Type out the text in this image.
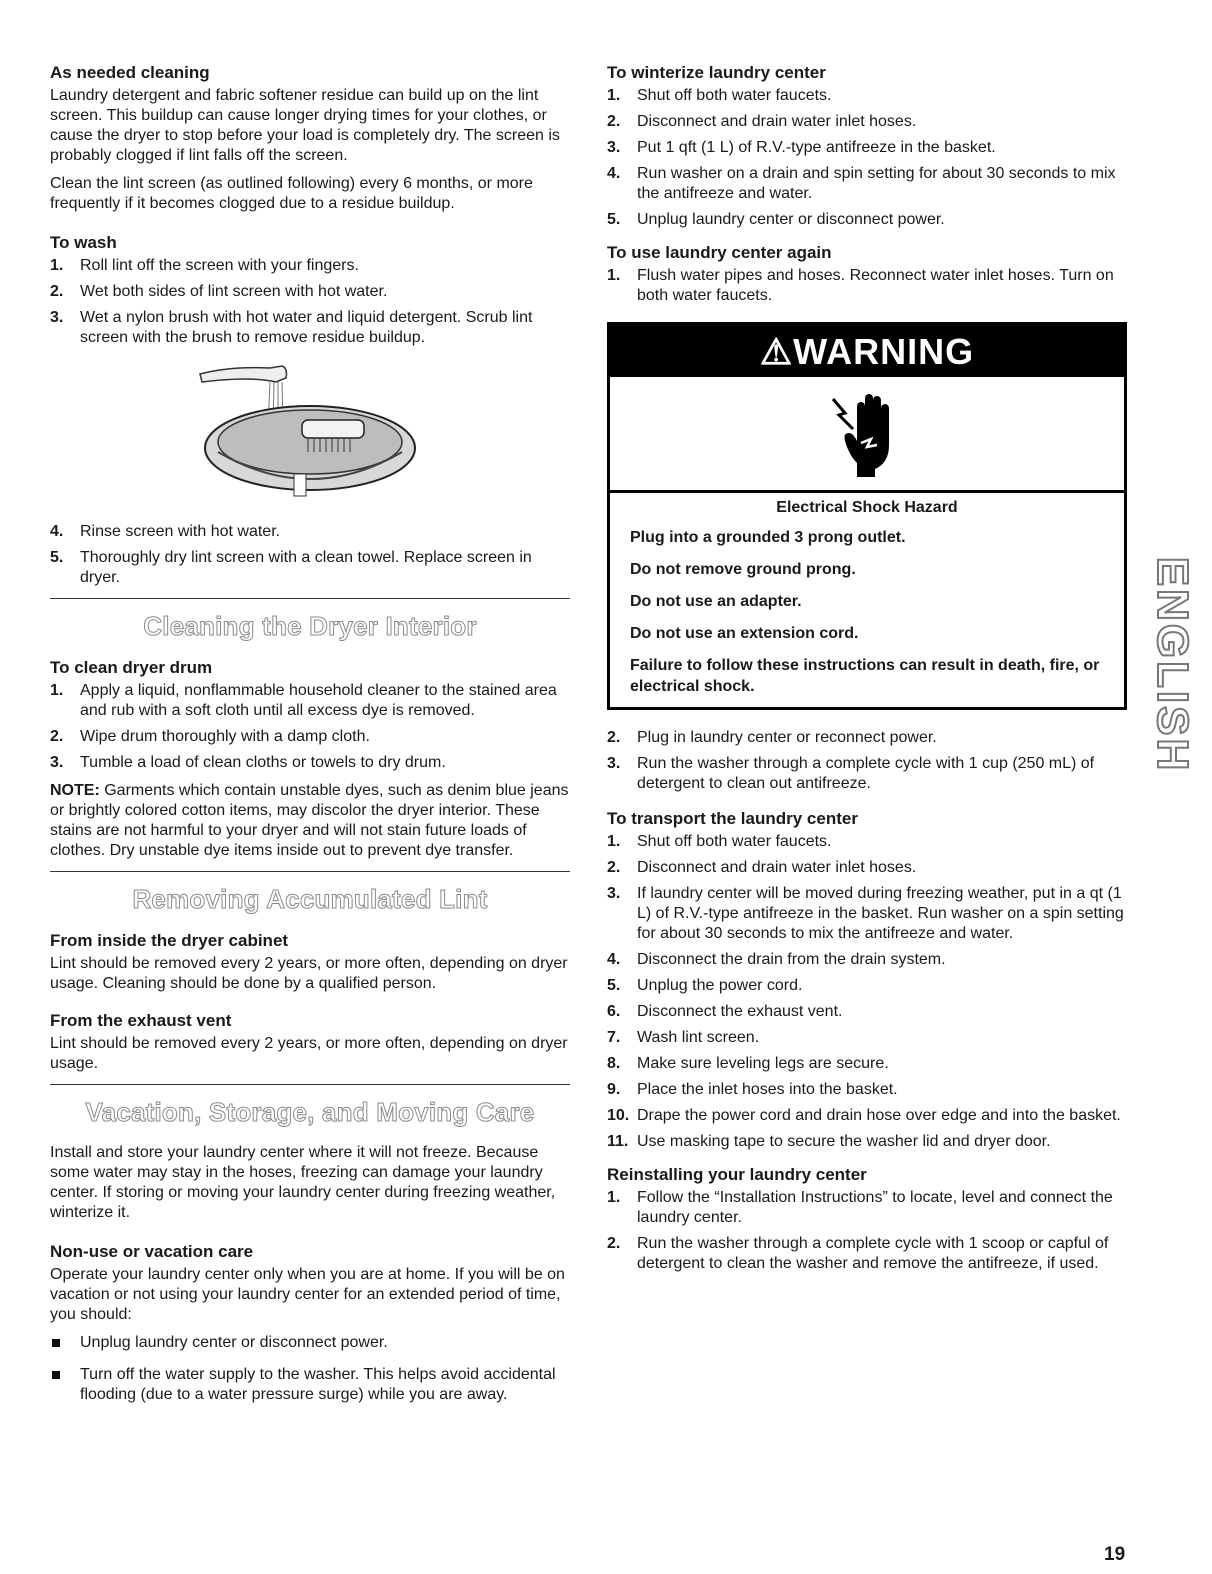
As needed cleaning

Laundry detergent and fabric softener residue can build up on the lint screen. This buildup can cause longer drying times for your clothes, or cause the dryer to stop before your load is completely dry. The screen is probably clogged if lint falls off the screen.

Clean the lint screen (as outlined following) every 6 months, or more frequently if it becomes clogged due to a residue buildup.

To wash
1. Roll lint off the screen with your fingers.
2. Wet both sides of lint screen with hot water.
3. Wet a nylon brush with hot water and liquid detergent. Scrub lint screen with the brush to remove residue buildup.
4. Rinse screen with hot water.
5. Thoroughly dry lint screen with a clean towel. Replace screen in dryer.
Cleaning the Dryer Interior
To clean dryer drum
1. Apply a liquid, nonflammable household cleaner to the stained area and rub with a soft cloth until all excess dye is removed.
2. Wipe drum thoroughly with a damp cloth.
3. Tumble a load of clean cloths or towels to dry drum.

NOTE: Garments which contain unstable dyes, such as denim blue jeans or brightly colored cotton items, may discolor the dryer interior. These stains are not harmful to your dryer and will not stain future loads of clothes. Dry unstable dye items inside out to prevent dye transfer.

Removing Accumulated Lint
From inside the dryer cabinet

Lint should be removed every 2 years, or more often, depending on dryer usage. Cleaning should be done by a qualified person.

From the exhaust vent

Lint should be removed every 2 years, or more often, depending on dryer usage.

Vacation, Storage, and Moving Care

Install and store your laundry center where it will not freeze. Because some water may stay in the hoses, freezing can damage your laundry center. If storing or moving your laundry center during freezing weather, winterize it.

Non-use or vacation care

Operate your laundry center only when you are at home. If you will be on vacation or not using your laundry center for an extended period of time, you should:

Unplug laundry center or disconnect power.
Turn off the water supply to the washer. This helps avoid accidental flooding (due to a water pressure surge) while you are away.
To winterize laundry center
1. Shut off both water faucets.
2. Disconnect and drain water inlet hoses.
3. Put 1 qft (1 L) of R.V.-type antifreeze in the basket.
4. Run washer on a drain and spin setting for about 30 seconds to mix the antifreeze and water.
5. Unplug laundry center or disconnect power.
To use laundry center again
1. Flush water pipes and hoses. Reconnect water inlet hoses. Turn on both water faucets.
⚠WARNING
Electrical Shock Hazard
Plug into a grounded 3 prong outlet.
Do not remove ground prong.
Do not use an adapter.
Do not use an extension cord.
Failure to follow these instructions can result in death, fire, or electrical shock.
2. Plug in laundry center or reconnect power.
3. Run the washer through a complete cycle with 1 cup (250 mL) of detergent to clean out antifreeze.
To transport the laundry center
1. Shut off both water faucets.
2. Disconnect and drain water inlet hoses.
3. If laundry center will be moved during freezing weather, put in a qt (1 L) of R.V.-type antifreeze in the basket. Run washer on a spin setting for about 30 seconds to mix the antifreeze and water.
4. Disconnect the drain from the drain system.
5. Unplug the power cord.
6. Disconnect the exhaust vent.
7. Wash lint screen.
8. Make sure leveling legs are secure.
9. Place the inlet hoses into the basket.
10. Drape the power cord and drain hose over edge and into the basket.
11. Use masking tape to secure the washer lid and dryer door.
Reinstalling your laundry center
1. Follow the “Installation Instructions” to locate, level and connect the laundry center.
2. Run the washer through a complete cycle with 1 scoop or capful of detergent to clean the washer and remove the antifreeze, if used.
ENGLISH
19
